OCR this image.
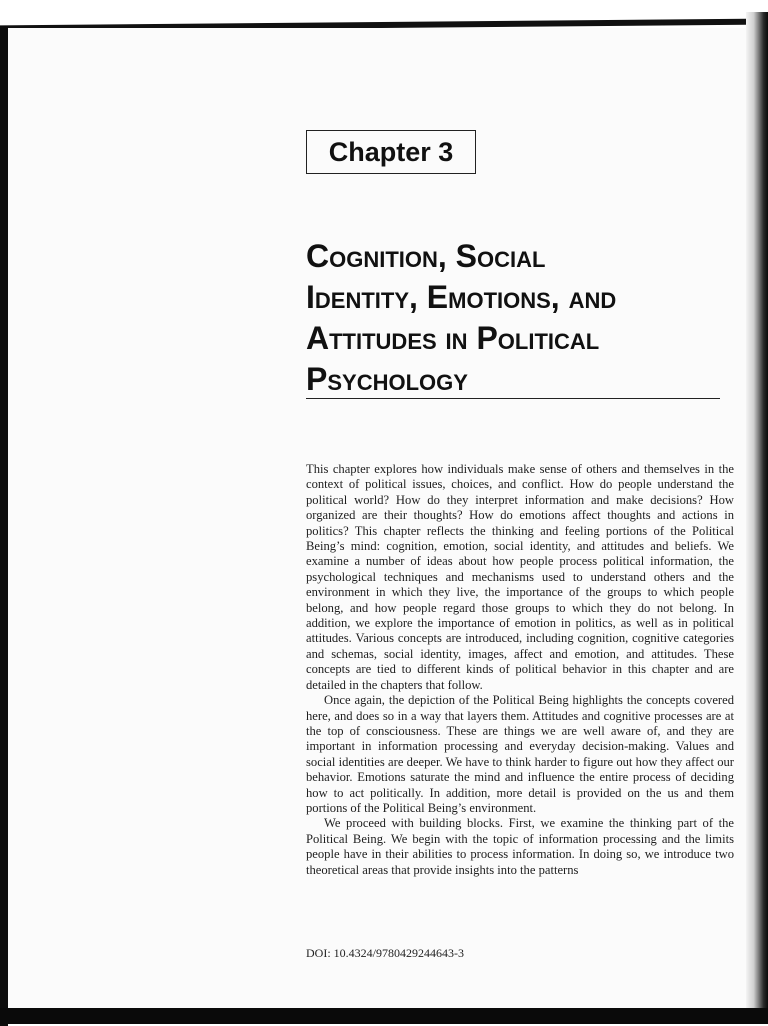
Chapter 3
Cognition, Social
Identity, Emotions, and
Attitudes in Political
Psychology

This chapter explores how individuals make sense of others and themselves in the context of political issues, choices, and conflict. How do people understand the political world? How do they interpret information and make decisions? How organized are their thoughts? How do emotions affect thoughts and actions in politics? This chapter reflects the thinking and feeling portions of the Political Being’s mind: cognition, emotion, social identity, and attitudes and beliefs. We examine a number of ideas about how people process political information, the psychological techniques and mechanisms used to understand others and the environment in which they live, the importance of the groups to which people belong, and how people regard those groups to which they do not belong. In addition, we explore the importance of emotion in politics, as well as in political attitudes. Various concepts are introduced, including cognition, cognitive categories and schemas, social identity, images, affect and emotion, and attitudes. These concepts are tied to different kinds of political behavior in this chapter and are detailed in the chapters that follow.

Once again, the depiction of the Political Being highlights the concepts covered here, and does so in a way that layers them. Attitudes and cognitive processes are at the top of consciousness. These are things we are well aware of, and they are important in information processing and everyday decision-making. Values and social identities are deeper. We have to think harder to figure out how they affect our behavior. Emotions saturate the mind and influence the entire process of deciding how to act politically. In addition, more detail is provided on the us and them portions of the Political Being’s environment.

We proceed with building blocks. First, we examine the thinking part of the Political Being. We begin with the topic of information processing and the limits people have in their abilities to process information. In doing so, we introduce two theoretical areas that provide insights into the patterns

DOI: 10.4324/9780429244643-3
